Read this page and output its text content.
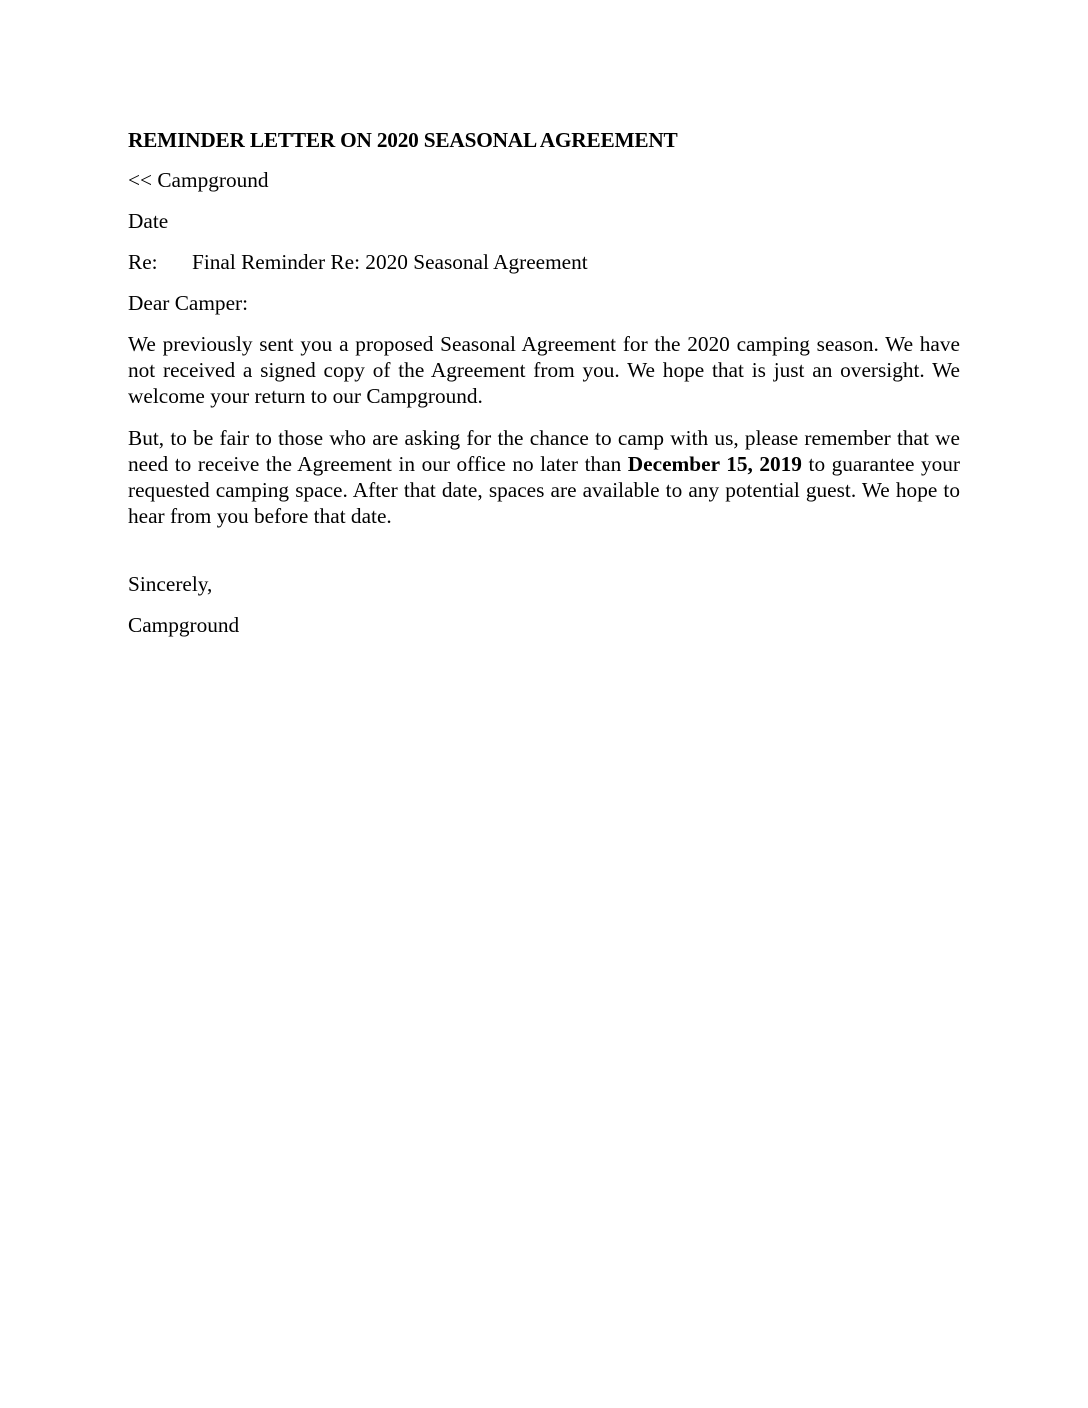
REMINDER LETTER ON 2020 SEASONAL AGREEMENT
<< Campground
Date
Re:	Final Reminder Re: 2020 Seasonal Agreement
Dear Camper:
We previously sent you a proposed Seasonal Agreement for the 2020 camping season. We have not received a signed copy of the Agreement from you. We hope that is just an oversight. We welcome your return to our Campground.
But, to be fair to those who are asking for the chance to camp with us, please remember that we need to receive the Agreement in our office no later than December 15, 2019 to guarantee your requested camping space. After that date, spaces are available to any potential guest. We hope to hear from you before that date.
Sincerely,
Campground
